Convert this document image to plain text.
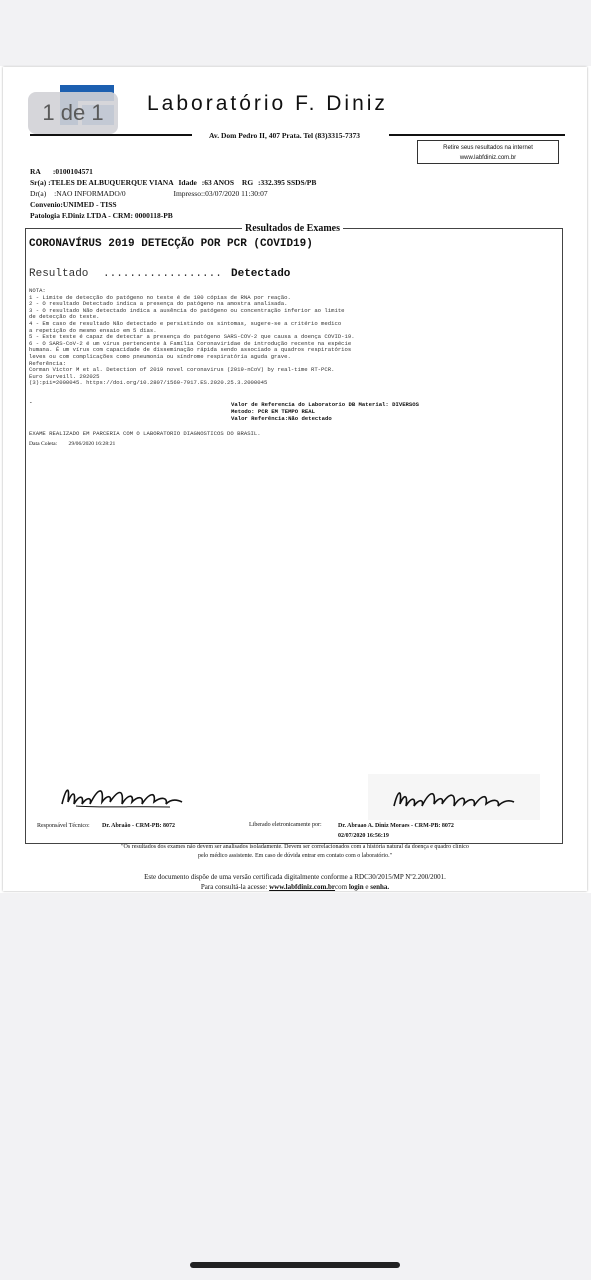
1 de 1	Laboratório F. Diniz
Av. Dom Pedro II, 407 Prata. Tel (83)3315-7373
Retire seus resultados na internet
www.labfdiniz.com.br
RA :0100104571
Sr(a) :TELES DE ALBUQUERQUE VIANA Idade :63 ANOS RG :332.395 SSDS/PB
Dr(a) :NAO INFORMADO/0	Impresso::03/07/2020 11:30:07
Convenio:UNIMED - TISS
Patologia F.Diniz LTDA - CRM: 0000118-PB
Resultados de Exames
CORONAVÍRUS 2019 DETECÇÃO POR PCR (COVID19)
Resultado .................. Detectado
NOTA:
1 - Limite de detecção do patógeno no teste é de 100 cópias de RNA por reação.
2 - O resultado Detectado indica a presença do patógeno na amostra analisada.
3 - O resultado Não detectado indica a ausência do patógeno ou concentração inferior ao limite
de detecção do teste.
4 - Em caso de resultado Não detectado e persistindo os sintomas, sugere-se a critério medico
a repetição do mesmo ensaio em 5 dias.
5 - Este teste é capaz de detectar a presença do patógeno SARS-COV-2 que causa a doença COVID-19.
6 - O SARS-CoV-2 é um vírus pertencente à Família Coronaviridae de introdução recente na espécie
humana. É um vírus com capacidade de disseminação rápida sendo associado a quadros respiratórios
leves ou com complicações como pneumonia ou síndrome respiratória aguda grave.
Referência:
Corman Victor M et al. Detection of 2019 novel coronavirus (2019-nCoV) by real-time RT-PCR.
Euro Surveill. 202025
(3):pii=2000045. https://doi.org/10.2807/1560-7917.ES.2020.25.3.2000045
-	Valor de Referencia do Laboratorio DB Material: DIVERSOS
Metodo: PCR EM TEMPO REAL
Valor Referência:Não detectado
EXAME REALIZADO EM PARCERIA COM O LABORATORIO DIAGNOSTICOS DO BRASIL.
Data Coleta: 29/06/2020 16:28:21
Responsável Técnico: Dr. Abraão - CRM-PB: 8072	Liberado eletronicamente por:	Dr. Abraao A. Diniz Moraes - CRM-PB: 8072
02/07/2020 16:56:19
"Os resultados dos exames não devem ser analisados isoladamente. Devem ser correlacionados com a história natural da doença e quadro clínico
pelo médico assistente. Em caso de dúvida entrar em contato com o laboratório."
Este documento dispõe de uma versão certificada digitalmente conforme a RDC30/2015/MP Nº2.200/2001.
Para consultá-la acesse: www.labfdiniz.com.brcom login e senha.
